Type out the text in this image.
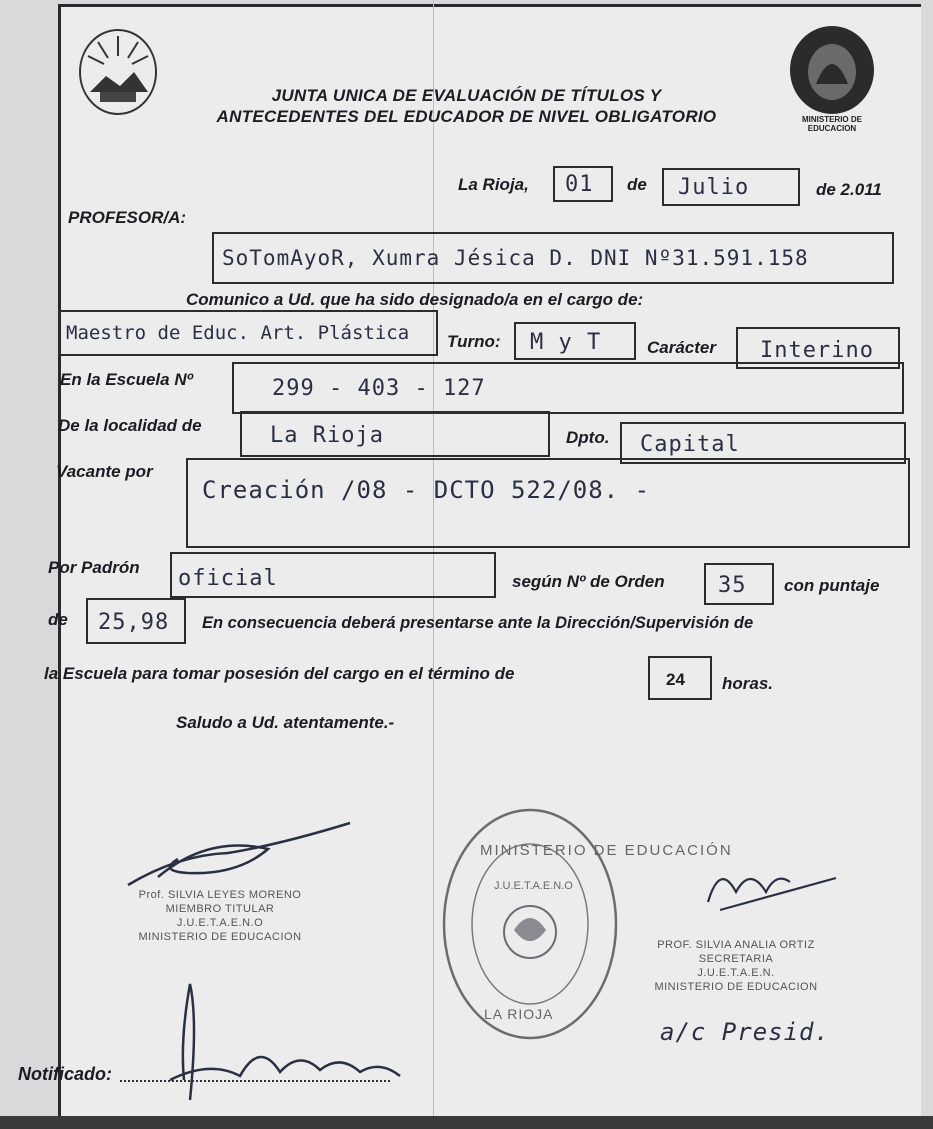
MINISTERIO DE
EDUCACION
JUNTA UNICA DE EVALUACIÓN DE TÍTULOS Y
ANTECEDENTES DEL EDUCADOR DE NIVEL OBLIGATORIO
La Rioja, 01 de Julio	de 2.011
PROFESOR/A:
SoTomAyoR, Xumra Jésica D. DNI Nº31.591.158
Comunico a Ud. que ha sido designado/a en el cargo de:
Maestro de Educ. Art. Plástica Turno: M y T	Carácter Interino
En la Escuela Nº	299 - 403 - 127
De la localidad de	La Rioja	Dpto. Capital
Vacante por
Creación /08 - DCTO 522/08. -
Por Padrón oficial	según Nº de Orden 35 con puntaje
de 25,98 En consecuencia deberá presentarse ante la Dirección/Supervisión de
la Escuela para tomar posesión del cargo en el término de	24 horas.
Saludo a Ud. atentamente.-
Prof. SILVIA LEYES MORENO
MIEMBRO TITULAR
J.U.E.T.A.E.N.O
MINISTERIO DE EDUCACION
MINISTERIO DE EDUCACIÓN
J.U.E.T.A.E.N.O
LA RIOJA
PROF. SILVIA ANALIA ORTIZ
SECRETARIA
J.U.E.T.A.E.N.
MINISTERIO DE EDUCACION
a/c Presid.
Notificado:
